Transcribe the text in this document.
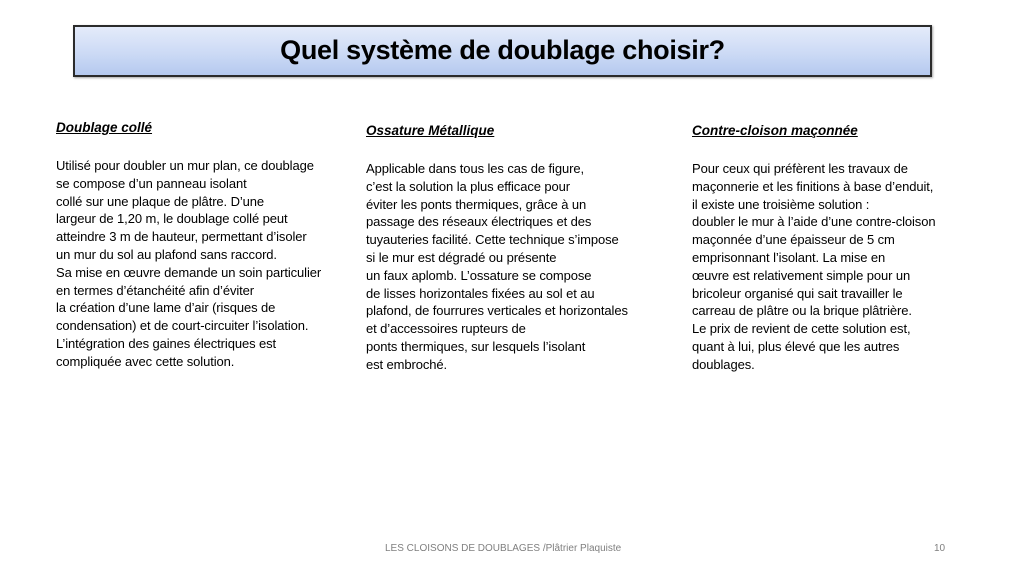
Quel système de doublage choisir?

Doublage collé

Utilisé pour doubler un mur plan, ce doublage
se compose d’un panneau isolant
collé sur une plaque de plâtre. D’une
largeur de 1,20 m, le doublage collé peut
atteindre 3 m de hauteur, permettant d’isoler
un mur du sol au plafond sans raccord.
Sa mise en œuvre demande un soin particulier
en termes d’étanchéité afin d’éviter
la création d’une lame d’air (risques de
condensation) et de court-circuiter l’isolation.
L’intégration des gaines électriques est
compliquée avec cette solution.

Ossature Métallique

Applicable dans tous les cas de figure,
c’est la solution la plus efficace pour
éviter les ponts thermiques, grâce à un
passage des réseaux électriques et des
tuyauteries facilité. Cette technique s’impose
si le mur est dégradé ou présente
un faux aplomb. L’ossature se compose
de lisses horizontales fixées au sol et au
plafond, de fourrures verticales et horizontales
et d’accessoires rupteurs de
ponts thermiques, sur lesquels l’isolant
est embroché.

Contre-cloison maçonnée

Pour ceux qui préfèrent les travaux de
maçonnerie et les finitions à base d’enduit,
il existe une troisième solution :
doubler le mur à l’aide d’une contre-cloison
maçonnée d’une épaisseur de 5 cm
emprisonnant l’isolant. La mise en
œuvre est relativement simple pour un
bricoleur organisé qui sait travailler le
carreau de plâtre ou la brique plâtrière.
Le prix de revient de cette solution est,
quant à lui, plus élevé que les autres
doublages.
LES CLOISONS DE DOUBLAGES /Plâtrier Plaquiste	10
